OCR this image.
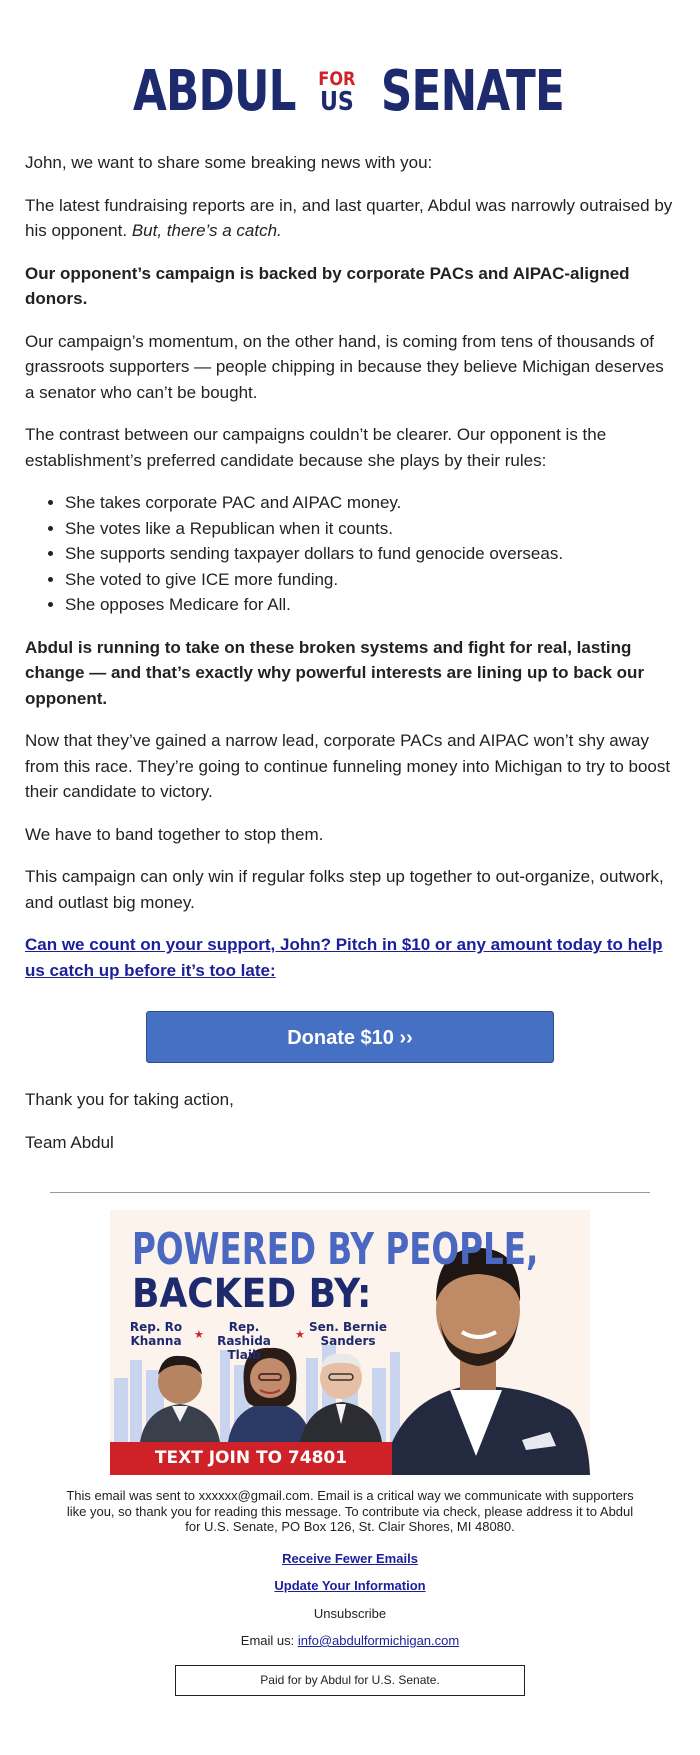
ABDUL FOR
US SENATE

John, we want to share some breaking news with you:

The latest fundraising reports are in, and last quarter, Abdul was narrowly outraised by his opponent. But, there’s a catch.

Our opponent’s campaign is backed by corporate PACs and AIPAC-aligned donors.

Our campaign’s momentum, on the other hand, is coming from tens of thousands of grassroots supporters — people chipping in because they believe Michigan deserves a senator who can’t be bought.

The contrast between our campaigns couldn’t be clearer. Our opponent is the establishment’s preferred candidate because she plays by their rules:

• She takes corporate PAC and AIPAC money.
• She votes like a Republican when it counts.
• She supports sending taxpayer dollars to fund genocide overseas.
• She voted to give ICE more funding.
• She opposes Medicare for All.

Abdul is running to take on these broken systems and fight for real, lasting change — and that’s exactly why powerful interests are lining up to back our opponent.

Now that they’ve gained a narrow lead, corporate PACs and AIPAC won’t shy away from this race. They’re going to continue funneling money into Michigan to try to boost their candidate to victory.

We have to band together to stop them.

This campaign can only win if regular folks step up together to out-organize, outwork, and outlast big money.

Can we count on your support, John? Pitch in $10 or any amount today to help us catch up before it’s too late:

Donate $10 ››

Thank you for taking action,

Team Abdul

POWERED BY PEOPLE,
BACKED BY:
Rep. Ro Khanna	★
Rep. Rashida Tlaib
★
Sen. Bernie Sanders
TEXT JOIN TO 74801

This email was sent to xxxxxx@gmail.com. Email is a critical way we communicate with supporters like you, so thank you for reading this message. To contribute via check, please address it to Abdul for U.S. Senate, PO Box 126, St. Clair Shores, MI 48080.

Receive Fewer Emails
Update Your Information
Unsubscribe
Email us: info@abdulformichigan.com
Paid for by Abdul for U.S. Senate.
